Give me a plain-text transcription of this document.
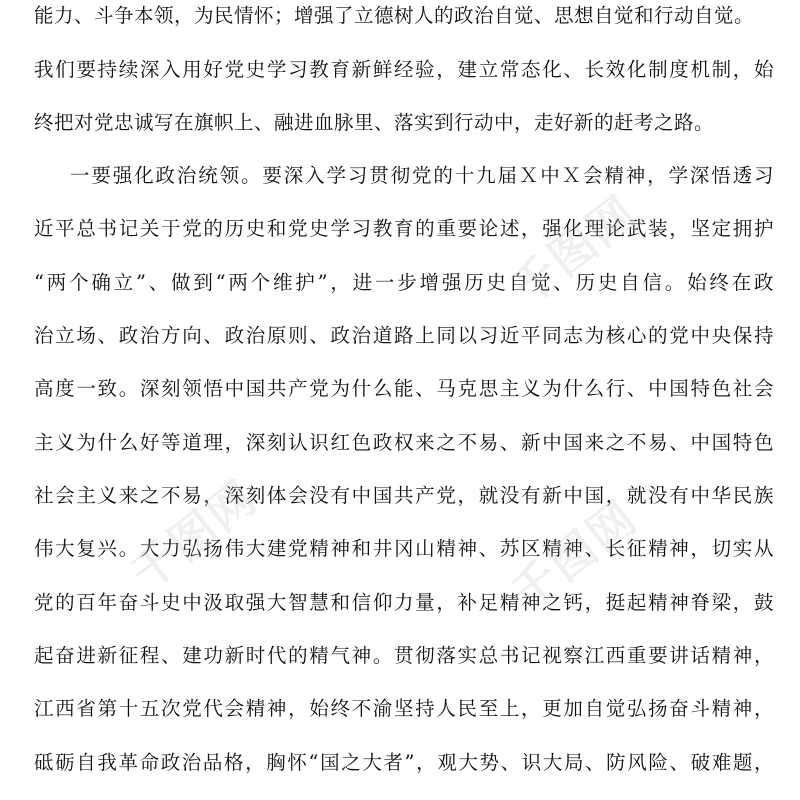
能力、斗争本领，为民情怀；增强了立德树人的政治自觉、思想自觉和行动自觉。
我们要持续深入用好党史学习教育新鲜经验，建立常态化、长效化制度机制，始
终把对党忠诚写在旗帜上、融进血脉里、落实到行动中，走好新的赶考之路。
一要强化政治统领。要深入学习贯彻党的十九届Ｘ中Ｘ会精神，学深悟透习
近平总书记关于党的历史和党史学习教育的重要论述，强化理论武装，坚定拥护
“两个确立”、做到“两个维护”，进一步增强历史自觉、历史自信。始终在政
治立场、政治方向、政治原则、政治道路上同以习近平同志为核心的党中央保持
高度一致。深刻领悟中国共产党为什么能、马克思主义为什么行、中国特色社会
主义为什么好等道理，深刻认识红色政权来之不易、新中国来之不易、中国特色
社会主义来之不易，深刻体会没有中国共产党，就没有新中国，就没有中华民族
伟大复兴。大力弘扬伟大建党精神和井冈山精神、苏区精神、长征精神，切实从
党的百年奋斗史中汲取强大智慧和信仰力量，补足精神之钙，挺起精神脊梁，鼓
起奋进新征程、建功新时代的精气神。贯彻落实总书记视察江西重要讲话精神，
江西省第十五次党代会精神，始终不渝坚持人民至上，更加自觉弘扬奋斗精神，
砥砺自我革命政治品格，胸怀“国之大者”，观大势、识大局、防风险、破难题，
千图网
千图网	千图网
